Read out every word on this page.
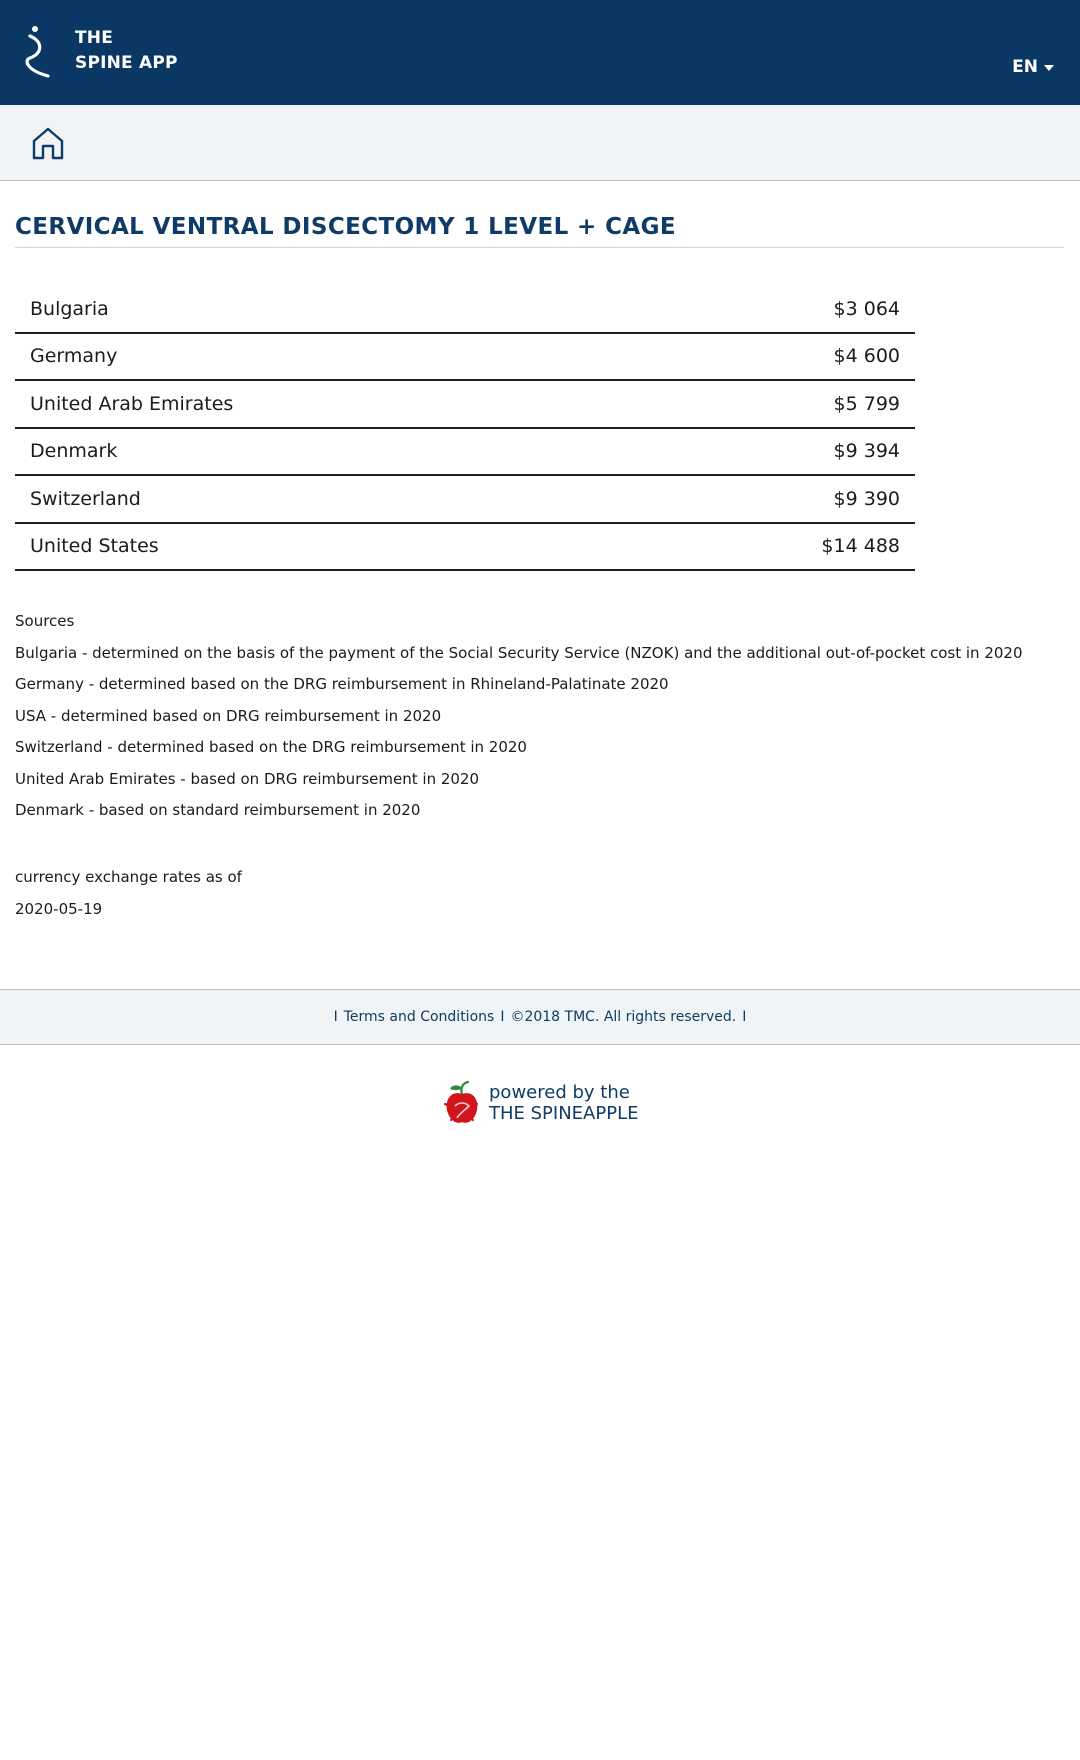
THE
SPINE APP	EN
CERVICAL VENTRAL DISCECTOMY 1 LEVEL + CAGE
Bulgaria	$3 064
Germany	$4 600
United Arab Emirates	$5 799
Denmark	$9 394
Switzerland	$9 390
United States	$14 488
Sources
Bulgaria - determined on the basis of the payment of the Social Security Service (NZOK) and the additional out-of-pocket cost in 2020
Germany - determined based on the DRG reimbursement in Rhineland-Palatinate 2020
USA - determined based on DRG reimbursement in 2020
Switzerland - determined based on the DRG reimbursement in 2020
United Arab Emirates - based on DRG reimbursement in 2020
Denmark - based on standard reimbursement in 2020
currency exchange rates as of
2020-05-19
I Terms and Conditions I ©2018 TMC. All rights reserved. I
powered by the
THE SPINEAPPLE
